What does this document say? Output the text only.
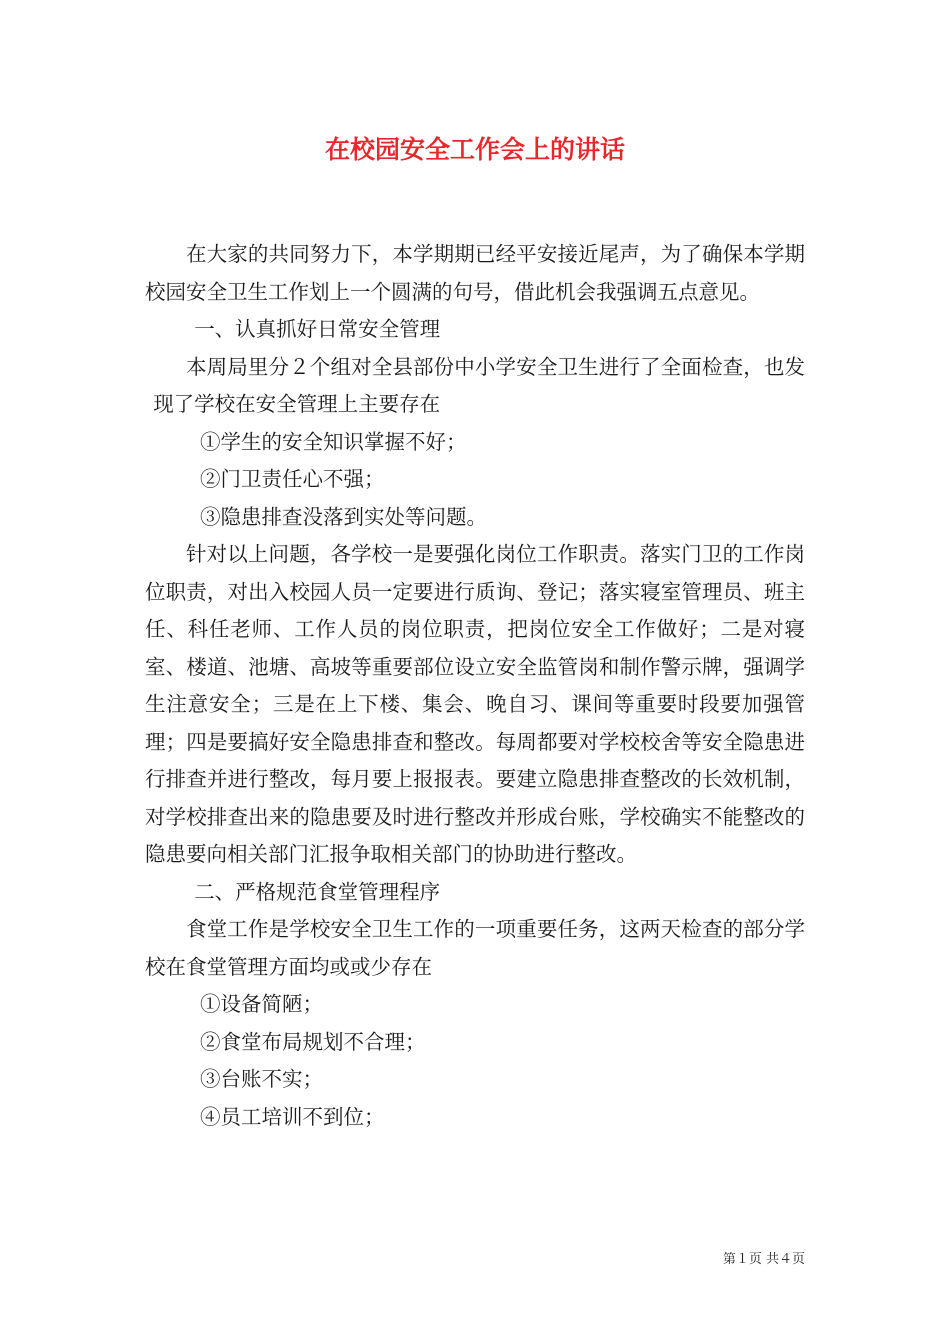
在校园安全工作会上的讲话

在大家的共同努力下，本学期期已经平安接近尾声，为了确保本学期校园安全卫生工作划上一个圆满的句号，借此机会我强调五点意见。

一、认真抓好日常安全管理

本周局里分２个组对全县部份中小学安全卫生进行了全面检查，也发现了学校在安全管理上主要存在

①学生的安全知识掌握不好；

②门卫责任心不强；

③隐患排查没落到实处等问题。

针对以上问题，各学校一是要强化岗位工作职责。落实门卫的工作岗位职责，对出入校园人员一定要进行质询、登记；落实寝室管理员、班主任、科任老师、工作人员的岗位职责，把岗位安全工作做好；二是对寝室、楼道、池塘、高坡等重要部位设立安全监管岗和制作警示牌，强调学生注意安全；三是在上下楼、集会、晚自习、课间等重要时段要加强管理；四是要搞好安全隐患排查和整改。每周都要对学校校舍等安全隐患进行排查并进行整改，每月要上报报表。要建立隐患排查整改的长效机制，对学校排查出来的隐患要及时进行整改并形成台账，学校确实不能整改的隐患要向相关部门汇报争取相关部门的协助进行整改。

二、严格规范食堂管理程序

食堂工作是学校安全卫生工作的一项重要任务，这两天检查的部分学校在食堂管理方面均或或少存在

①设备简陋；

②食堂布局规划不合理；

③台账不实；

④员工培训不到位；

第１页 共４页
